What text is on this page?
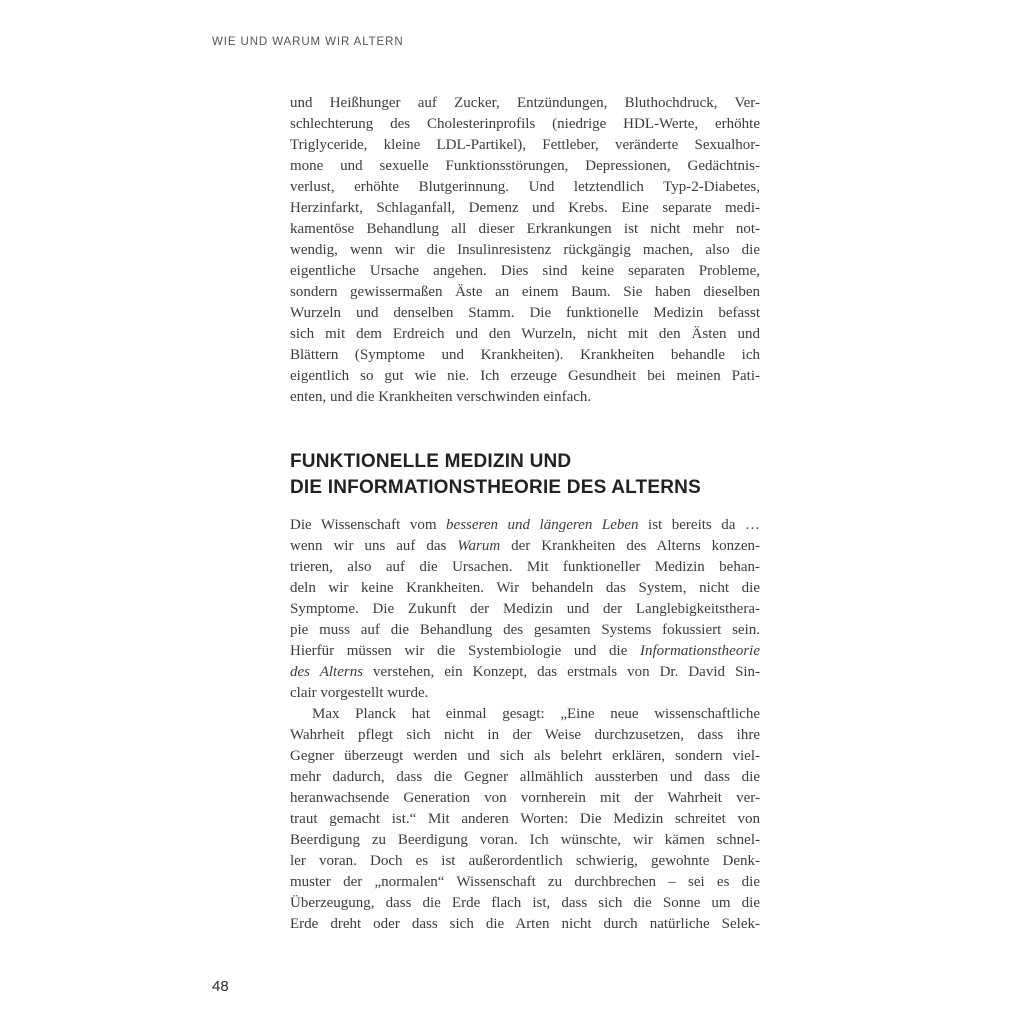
WIE UND WARUM WIR ALTERN
und Heißhunger auf Zucker, Entzündungen, Bluthochdruck, Ver-
schlechterung des Cholesterinprofils (niedrige HDL-Werte, erhöhte
Triglyceride, kleine LDL-Partikel), Fettleber, veränderte Sexualhor-
mone und sexuelle Funktionsstörungen, Depressionen, Gedächtnis-
verlust, erhöhte Blutgerinnung. Und letztendlich Typ-2-Diabetes,
Herzinfarkt, Schlaganfall, Demenz und Krebs. Eine separate medi-
kamentöse Behandlung all dieser Erkrankungen ist nicht mehr not-
wendig, wenn wir die Insulinresistenz rückgängig machen, also die
eigentliche Ursache angehen. Dies sind keine separaten Probleme,
sondern gewissermaßen Äste an einem Baum. Sie haben dieselben
Wurzeln und denselben Stamm. Die funktionelle Medizin befasst
sich mit dem Erdreich und den Wurzeln, nicht mit den Ästen und
Blättern (Symptome und Krankheiten). Krankheiten behandle ich
eigentlich so gut wie nie. Ich erzeuge Gesundheit bei meinen Pati-
enten, und die Krankheiten verschwinden einfach.
FUNKTIONELLE MEDIZIN UND
DIE INFORMATIONSTHEORIE DES ALTERNS
Die Wissenschaft vom besseren und längeren Leben ist bereits da …
wenn wir uns auf das Warum der Krankheiten des Alterns konzen-
trieren, also auf die Ursachen. Mit funktioneller Medizin behan-
deln wir keine Krankheiten. Wir behandeln das System, nicht die
Symptome. Die Zukunft der Medizin und der Langlebigkeitsthera-
pie muss auf die Behandlung des gesamten Systems fokussiert sein.
Hierfür müssen wir die Systembiologie und die Informationstheorie
des Alterns verstehen, ein Konzept, das erstmals von Dr. David Sin-
clair vorgestellt wurde.
Max Planck hat einmal gesagt: „Eine neue wissenschaftliche
Wahrheit pflegt sich nicht in der Weise durchzusetzen, dass ihre
Gegner überzeugt werden und sich als belehrt erklären, sondern viel-
mehr dadurch, dass die Gegner allmählich aussterben und dass die
heranwachsende Generation von vornherein mit der Wahrheit ver-
traut gemacht ist.“ Mit anderen Worten: Die Medizin schreitet von
Beerdigung zu Beerdigung voran. Ich wünschte, wir kämen schnel-
ler voran. Doch es ist außerordentlich schwierig, gewohnte Denk-
muster der „normalen“ Wissenschaft zu durchbrechen – sei es die
Überzeugung, dass die Erde flach ist, dass sich die Sonne um die
Erde dreht oder dass sich die Arten nicht durch natürliche Selek-
48
